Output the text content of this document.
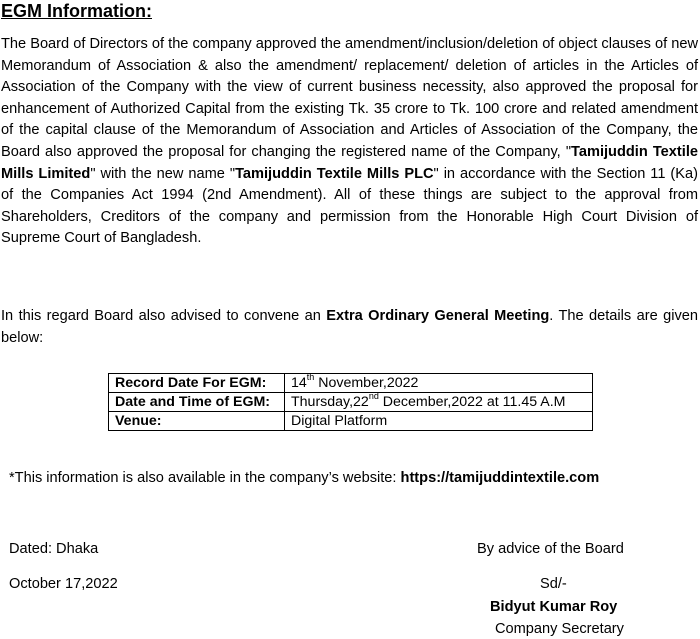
EGM Information:

The Board of Directors of the company approved the amendment/inclusion/deletion of object clauses of new Memorandum of Association & also the amendment/ replacement/ deletion of articles in the Articles of Association of the Company with the view of current business necessity, also approved the proposal for enhancement of Authorized Capital from the existing Tk. 35 crore to Tk. 100 crore and related amendment of the capital clause of the Memorandum of Association and Articles of Association of the Company, the Board also approved the proposal for changing the registered name of the Company, "Tamijuddin Textile Mills Limited" with the new name "Tamijuddin Textile Mills PLC" in accordance with the Section 11 (Ka) of the Companies Act 1994 (2nd Amendment). All of these things are subject to the approval from Shareholders, Creditors of the company and permission from the Honorable High Court Division of Supreme Court of Bangladesh.

In this regard Board also advised to convene an Extra Ordinary General Meeting. The details are given below:

Record Date For EGM:	14th November,2022
Date and Time of EGM:	Thursday,22nd December,2022 at 11.45 A.M
Venue:	Digital Platform
*This information is also available in the company’s website: https://tamijuddintextile.com
Dated: Dhaka
October 17,2022
By advice of the Board
Sd/-
Bidyut Kumar Roy
Company Secretary
